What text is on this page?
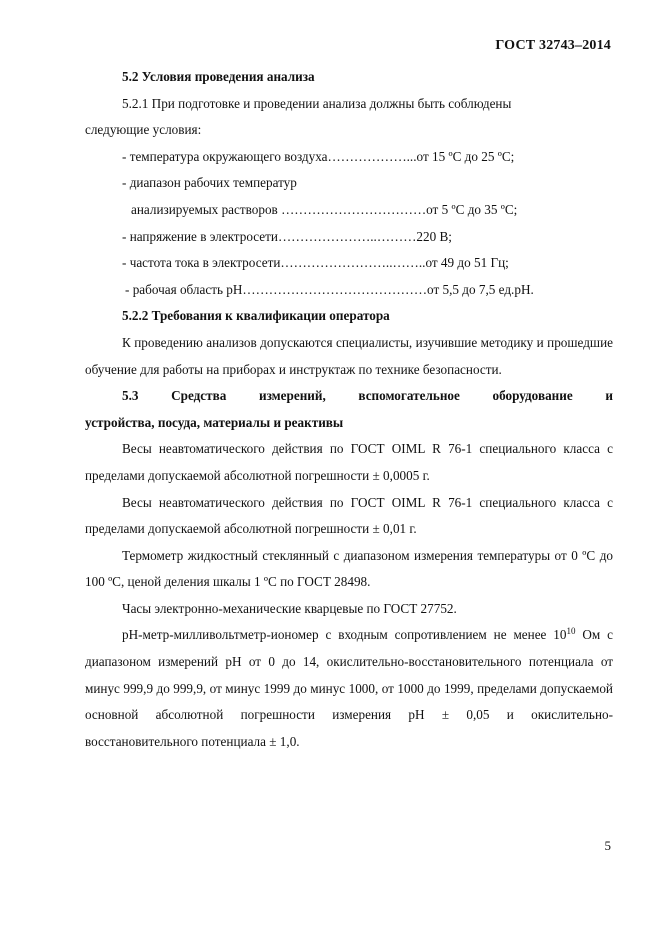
ГОСТ 32743–2014

5.2 Условия проведения анализа

5.2.1 При подготовке и проведении анализа должны быть соблюдены

следующие условия:

- температура окружающего воздуха………………...от 15 ºС до 25 ºС;

- диапазон рабочих температур

анализируемых растворов ……………………………от 5 ºС до 35 ºС;

- напряжение в электросети…………………..………220 В;

- частота тока в электросети……………………..……..от 49 до 51 Гц;

- рабочая область рН……………………………………от 5,5 до 7,5 ед.рН.

5.2.2 Требования к квалификации оператора

К проведению анализов допускаются специалисты, изучившие методику и прошедшие обучение для работы на приборах и инструктаж по технике безопасности.

5.3 Средства измерений, вспомогательное оборудование и

устройства, посуда, материалы и реактивы

Весы неавтоматического действия по ГОСТ OIML R 76-1 специального класса с пределами допускаемой абсолютной погрешности ± 0,0005 г.

Весы неавтоматического действия по ГОСТ OIML R 76-1 специального класса с пределами допускаемой абсолютной погрешности ± 0,01 г.

Термометр жидкостный стеклянный с диапазоном измерения температуры от 0 ºС до 100 ºС, ценой деления шкалы 1 ºС по ГОСТ 28498.

Часы электронно-механические кварцевые по ГОСТ 27752.

рН-метр-милливольтметр-иономер с входным сопротивлением не менее $10^{10}$ Ом с диапазоном измерений рН от 0 до 14, окислительно-восстановительного потенциала от минус 999,9 до 999,9, от минус 1999 до минус 1000, от 1000 до 1999, пределами допускаемой основной абсолютной погрешности измерения рН ± 0,05 и окислительно-восстановительного потенциала ± 1,0.

5
